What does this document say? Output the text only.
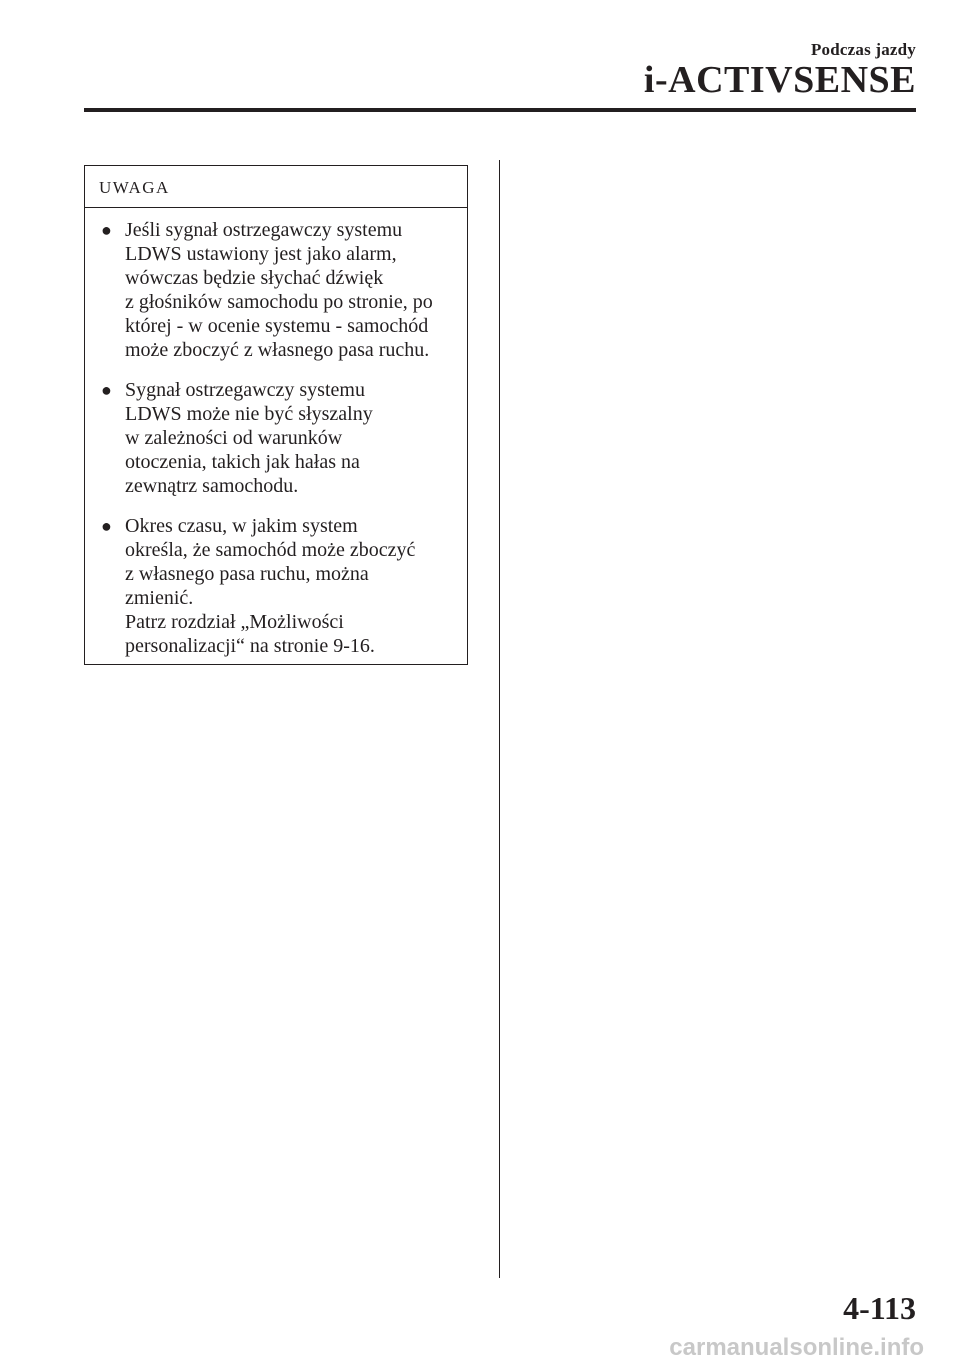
Podczas jazdy
i-ACTIVSENSE
UWAGA
● Jeśli sygnał ostrzegawczy systemu
LDWS ustawiony jest jako alarm,
wówczas będzie słychać dźwięk
z głośników samochodu po stronie, po
której - w ocenie systemu - samochód
może zboczyć z własnego pasa ruchu.
● Sygnał ostrzegawczy systemu
LDWS może nie być słyszalny
w zależności od warunków
otoczenia, takich jak hałas na
zewnątrz samochodu.
● Okres czasu, w jakim system
określa, że samochód może zboczyć
z własnego pasa ruchu, można
zmienić.
Patrz rozdział „Możliwości
personalizacji“ na stronie 9-16.
4-113
carmanualsonline.info
